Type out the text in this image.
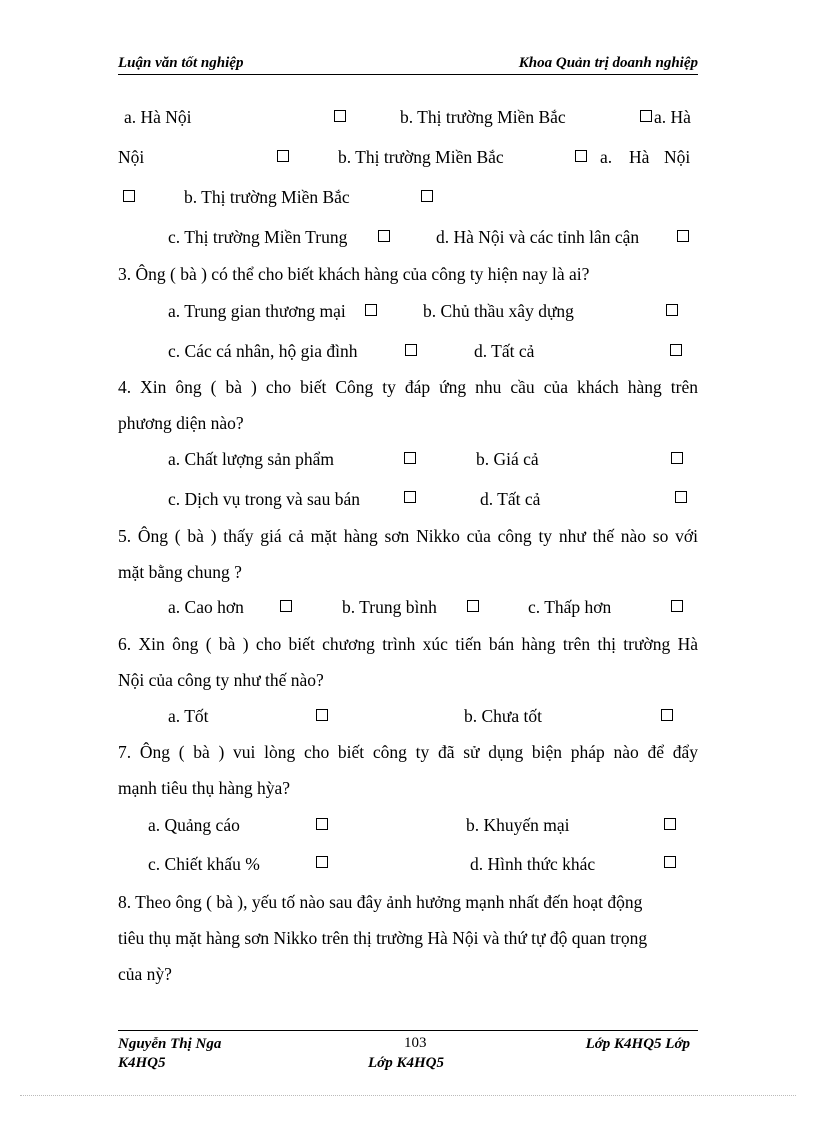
Luận văn tốt nghiệp	Khoa Quản trị doanh nghiệp
a. Hà Nội	b. Thị trường Miền Bắc	a. Hà
Nội	b. Thị trường Miền Bắc	a. Hà Nội
b. Thị trường Miền Bắc
c. Thị trường Miền Trung	d. Hà Nội và các tỉnh lân cận
3. Ông ( bà ) có thể cho biết khách hàng của công ty hiện nay là ai?
a. Trung gian thương mại	b. Chủ thầu xây dựng
c. Các cá nhân, hộ gia đình	d. Tất cả
4. Xin ông ( bà ) cho biết Công ty đáp ứng nhu cầu của khách hàng trên
phương diện nào?
a. Chất lượng sản phẩm	b. Giá cả
c. Dịch vụ trong và sau bán	d. Tất cả
5. Ông ( bà ) thấy giá cả mặt hàng sơn Nikko của công ty như thế nào so với
mặt bằng chung ?
a. Cao hơn	b. Trung bình	c. Thấp hơn
6. Xin ông ( bà ) cho biết chương trình xúc tiến bán hàng trên thị trường Hà
Nội của công ty như thế nào?
a. Tốt	b. Chưa tốt
7. Ông ( bà ) vui lòng cho biết công ty đã sử dụng biện pháp nào để đẩy
mạnh tiêu thụ hàng hỳa?
a. Quảng cáo	b. Khuyến mại
c. Chiết khấu %	d. Hình thức khác
8. Theo ông ( bà ), yếu tố nào sau đây ảnh hưởng mạnh nhất đến hoạt động
tiêu thụ mặt hàng sơn Nikko trên thị trường Hà Nội và thứ tự độ quan trọng
của nỳ?
Nguyễn Thị Nga	103	Lớp K4HQ5 Lớp
K4HQ5	Lớp K4HQ5
